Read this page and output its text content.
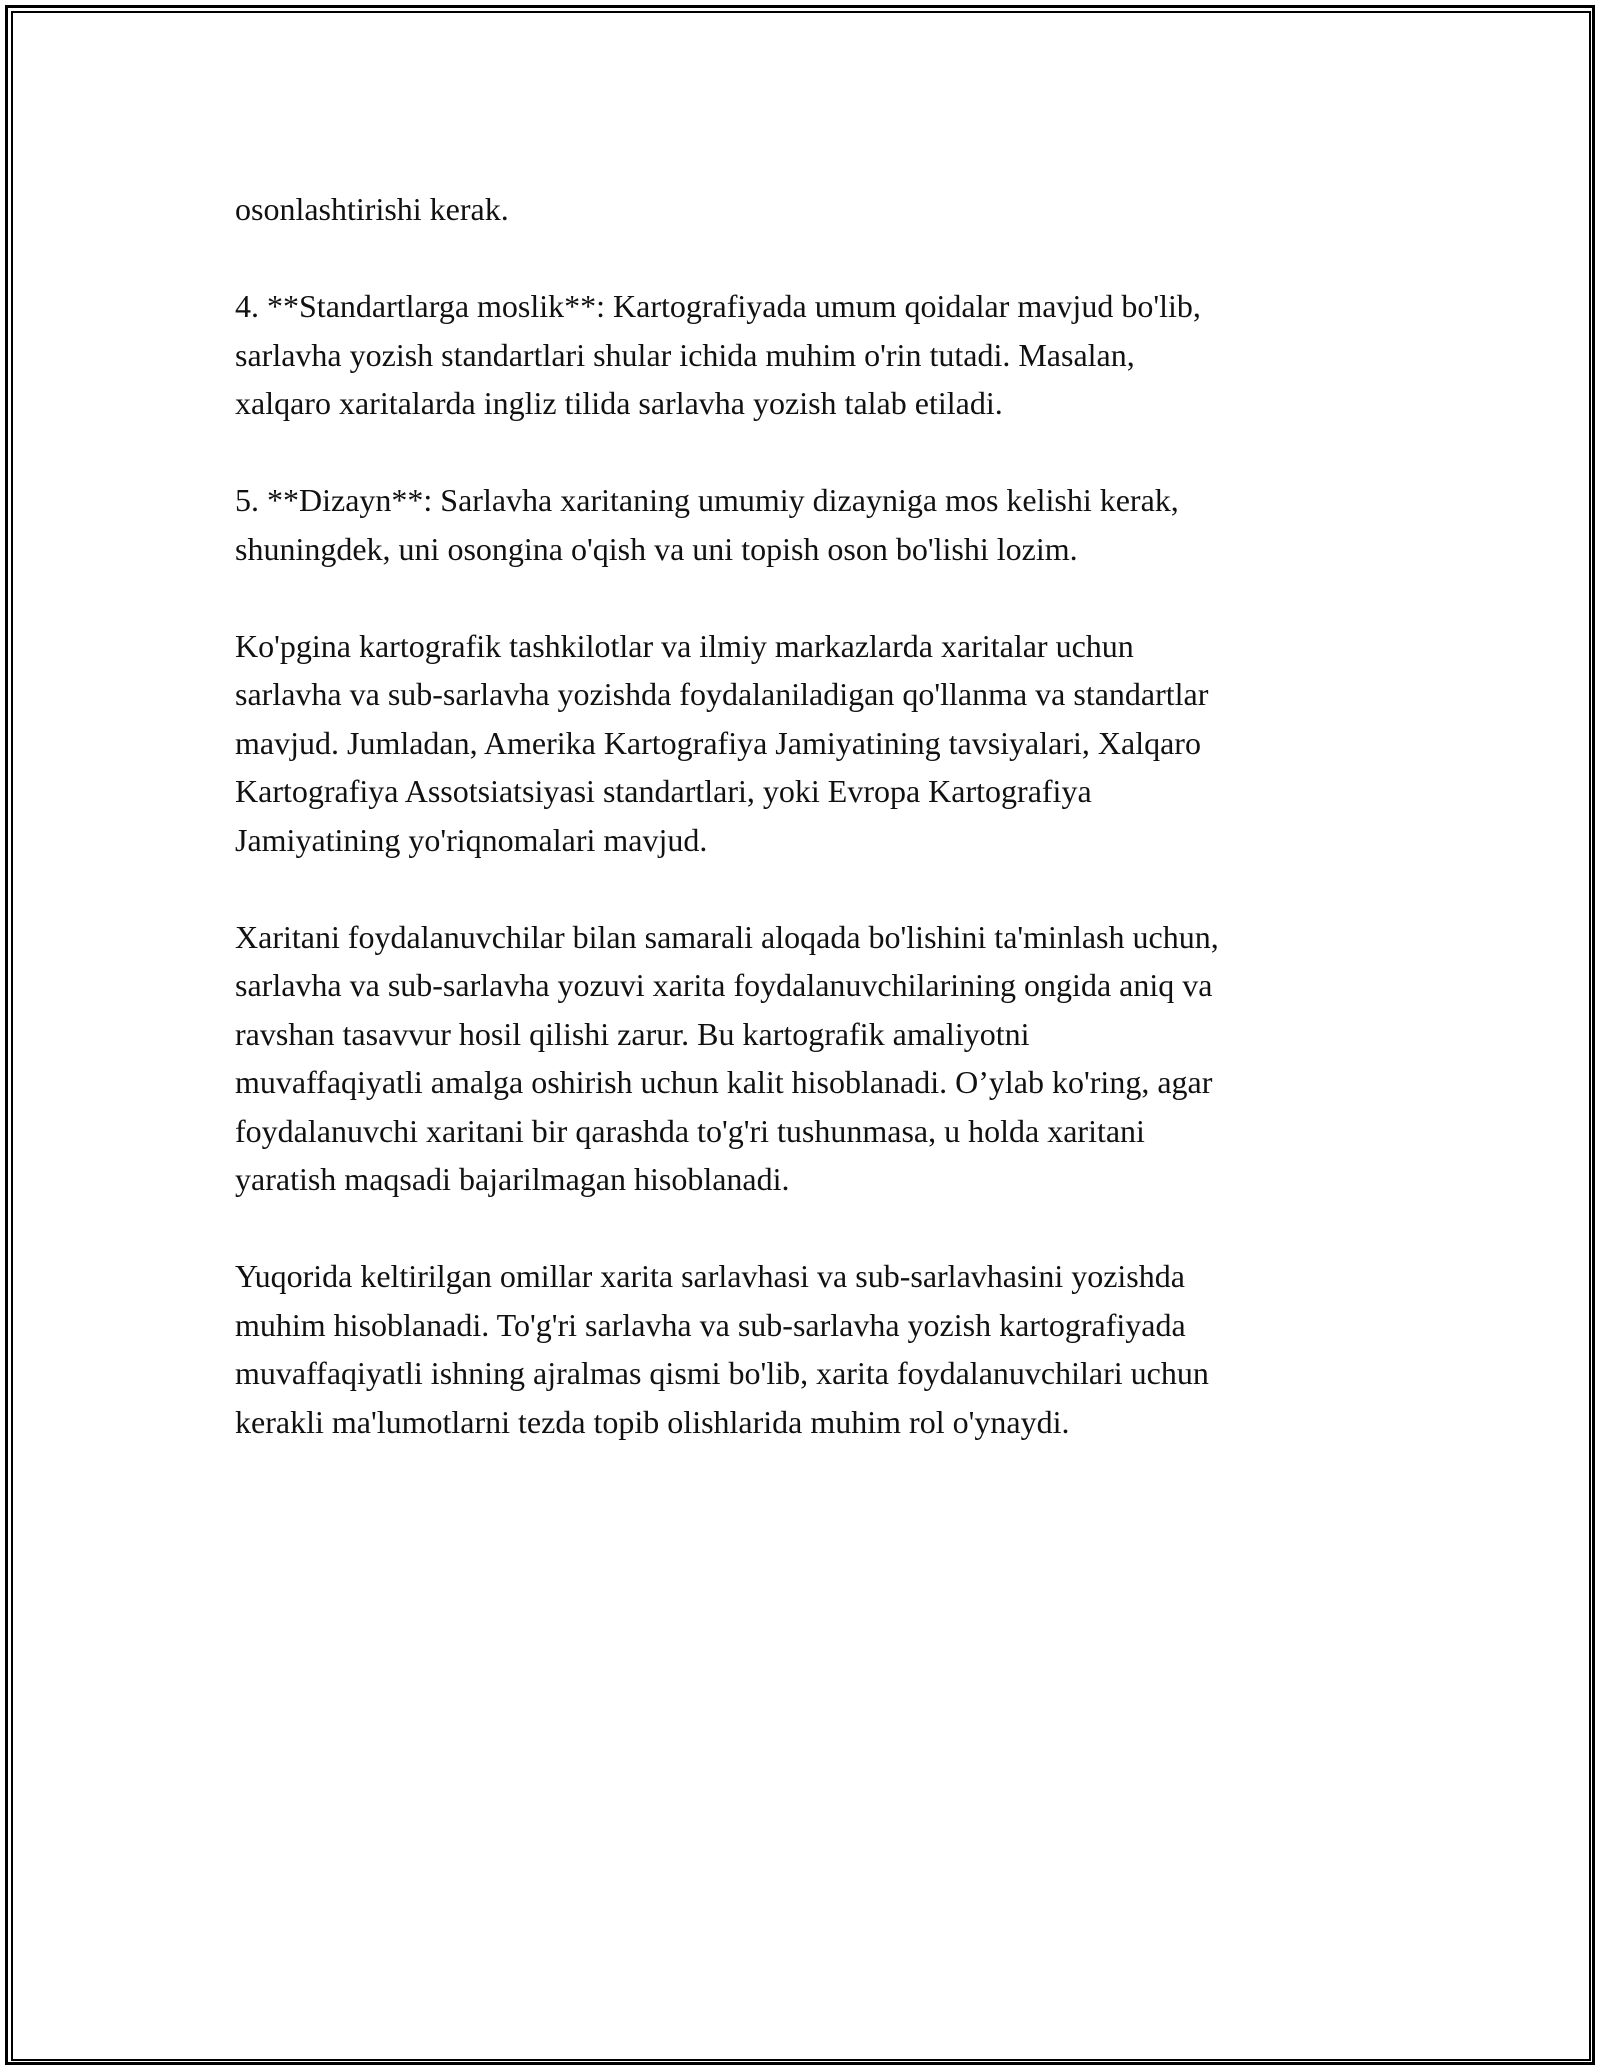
osonlashtirishi kerak.

4. **Standartlarga moslik**: Kartografiyada umum qoidalar mavjud bo'lib,
sarlavha yozish standartlari shular ichida muhim o'rin tutadi. Masalan,
xalqaro xaritalarda ingliz tilida sarlavha yozish talab etiladi.

5. **Dizayn**: Sarlavha xaritaning umumiy dizayniga mos kelishi kerak,
shuningdek, uni osongina o'qish va uni topish oson bo'lishi lozim.

Ko'pgina kartografik tashkilotlar va ilmiy markazlarda xaritalar uchun
sarlavha va sub-sarlavha yozishda foydalaniladigan qo'llanma va standartlar
mavjud. Jumladan, Amerika Kartografiya Jamiyatining tavsiyalari, Xalqaro
Kartografiya Assotsiatsiyasi standartlari, yoki Evropa Kartografiya
Jamiyatining yo'riqnomalari mavjud.

Xaritani foydalanuvchilar bilan samarali aloqada bo'lishini ta'minlash uchun,
sarlavha va sub-sarlavha yozuvi xarita foydalanuvchilarining ongida aniq va
ravshan tasavvur hosil qilishi zarur. Bu kartografik amaliyotni
muvaffaqiyatli amalga oshirish uchun kalit hisoblanadi. O’ylab ko'ring, agar
foydalanuvchi xaritani bir qarashda to'g'ri tushunmasa, u holda xaritani
yaratish maqsadi bajarilmagan hisoblanadi.

Yuqorida keltirilgan omillar xarita sarlavhasi va sub-sarlavhasini yozishda
muhim hisoblanadi. To'g'ri sarlavha va sub-sarlavha yozish kartografiyada
muvaffaqiyatli ishning ajralmas qismi bo'lib, xarita foydalanuvchilari uchun
kerakli ma'lumotlarni tezda topib olishlarida muhim rol o'ynaydi.
